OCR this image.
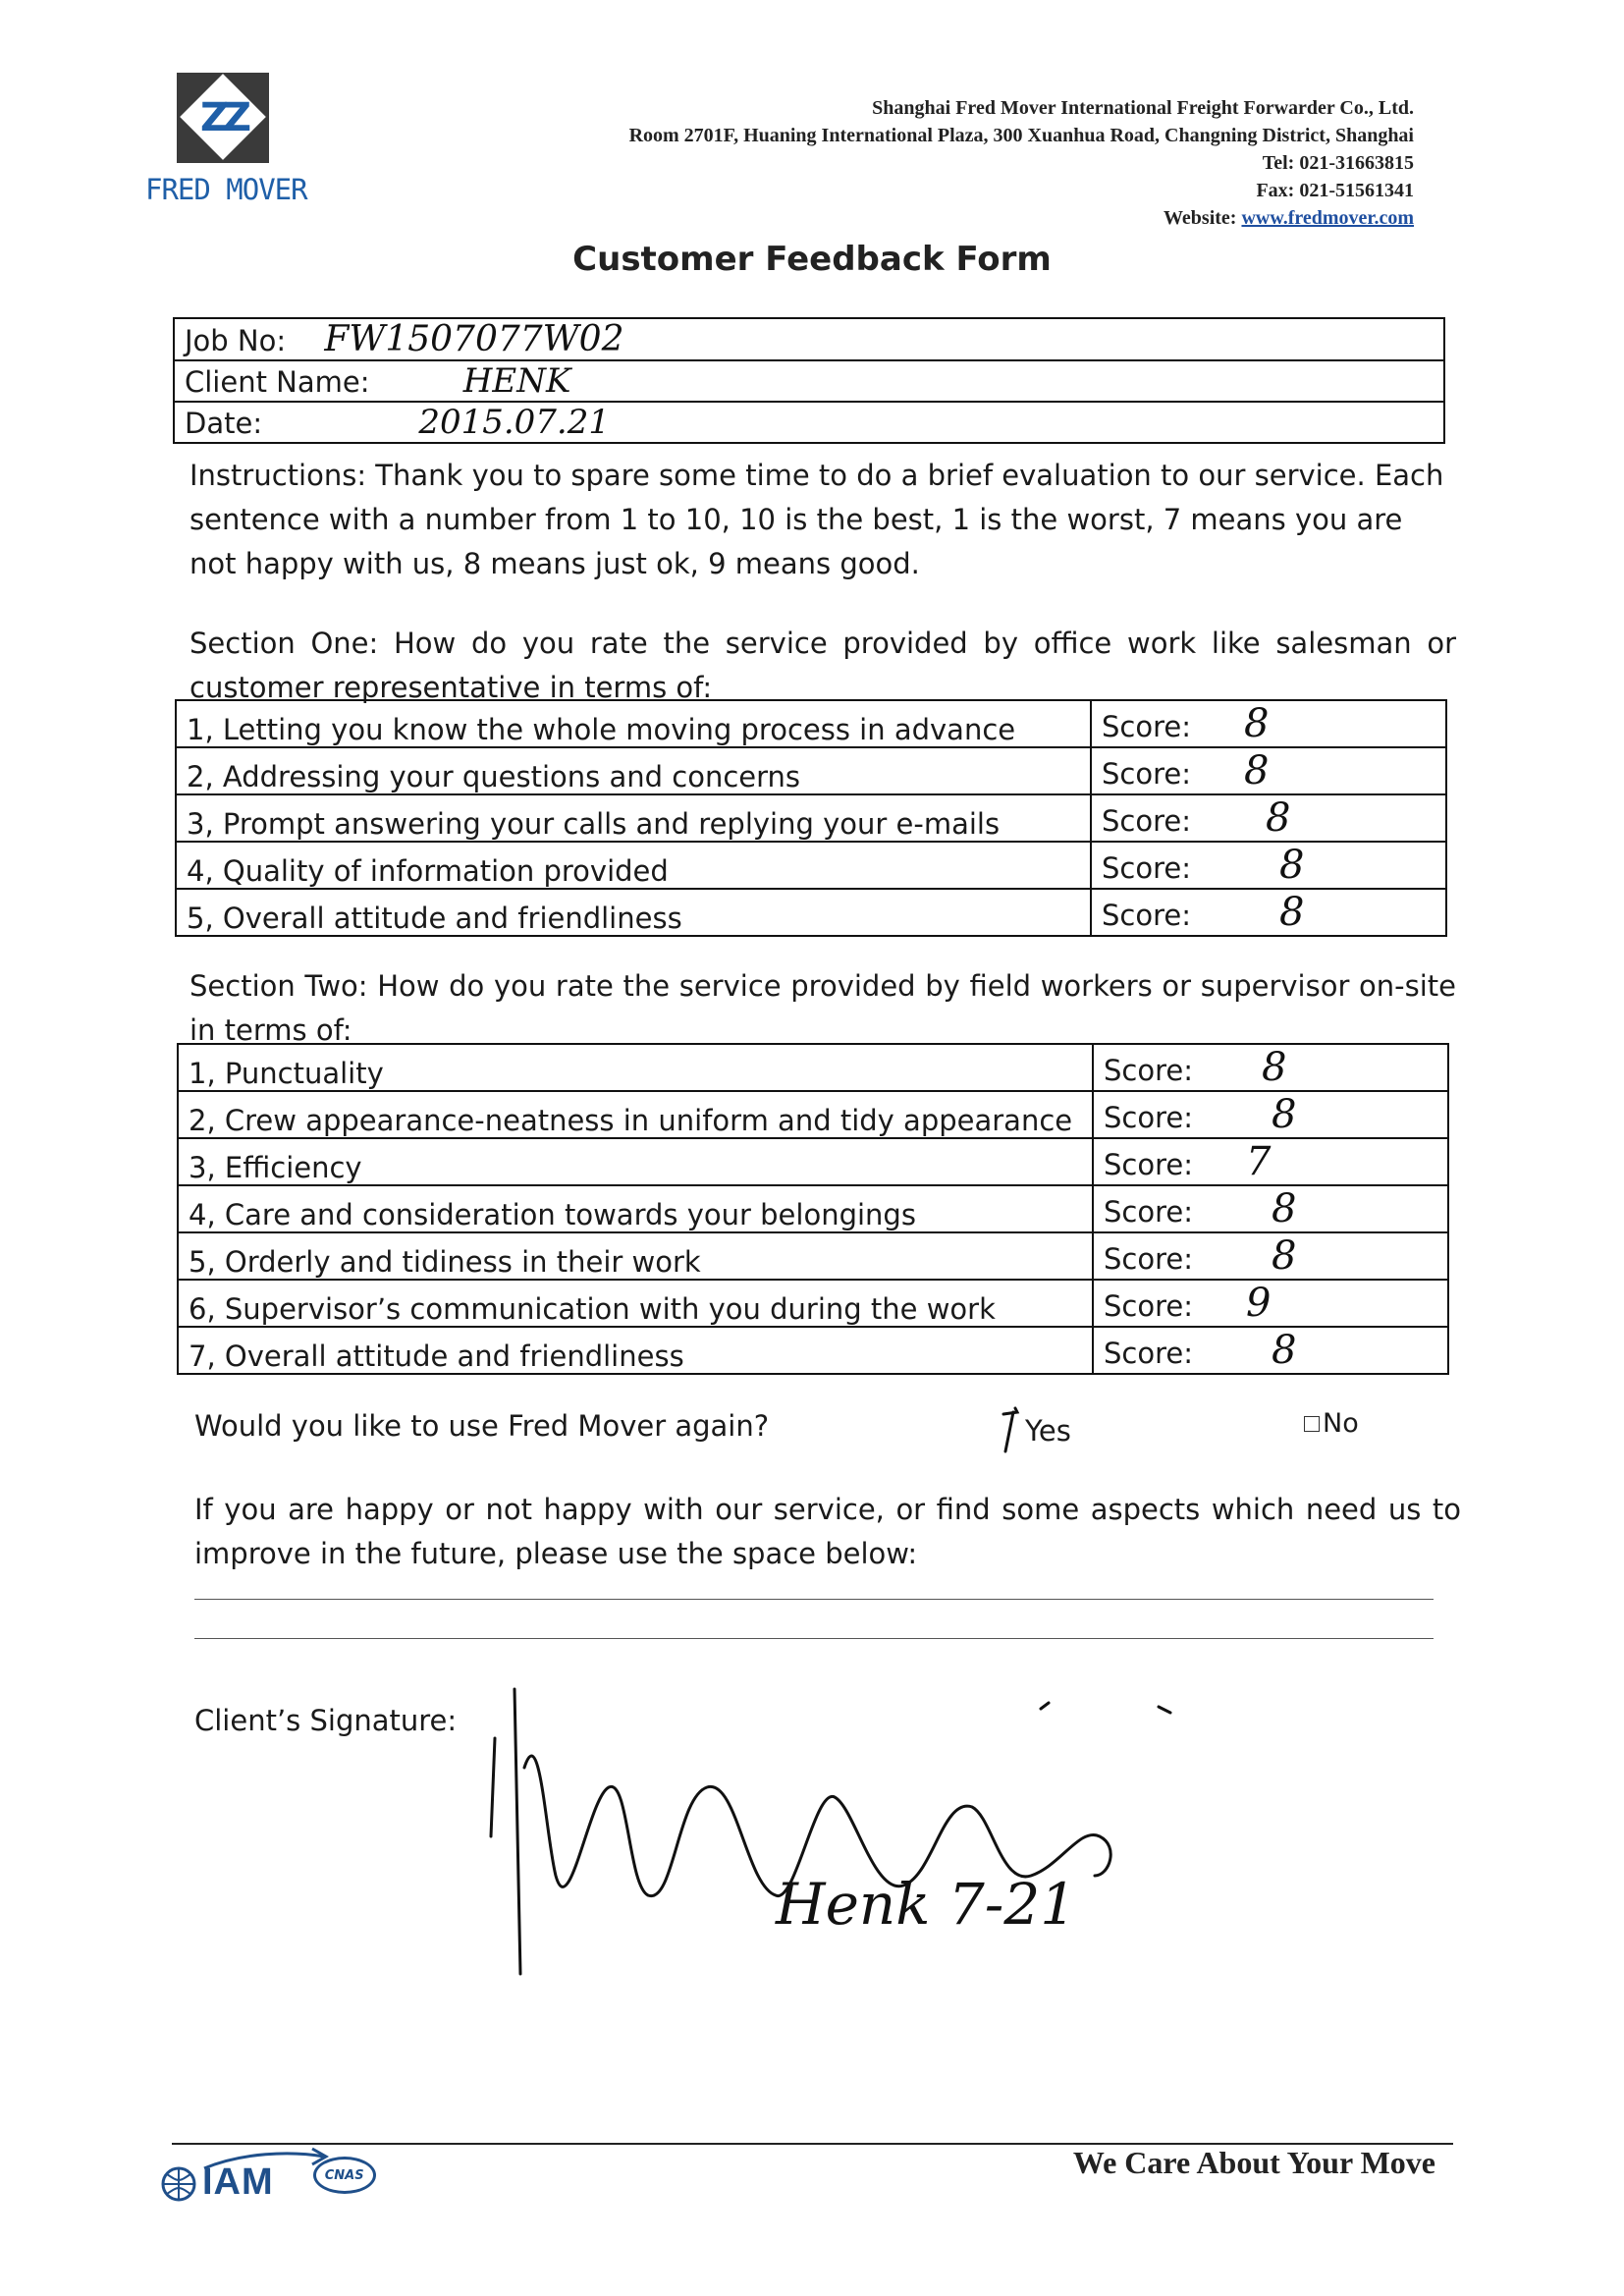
ZZ
FRED MOVER
Shanghai Fred Mover International Freight Forwarder Co., Ltd.
Room 2701F, Huaning International Plaza, 300 Xuanhua Road, Changning District, Shanghai
Tel: 021-31663815
Fax: 021-51561341
Website: www.fredmover.com
Customer Feedback Form
Job No: FW1507077W02
Client Name:	HENK
Date:	2015.07.21
Instructions: Thank you to spare some time to do a brief evaluation to our service. Each sentence with a number from 1 to 10, 10 is the best, 1 is the worst, 7 means you are not happy with us, 8 means just ok, 9 means good.
Section One: How do you rate the service provided by office work like salesman or customer representative in terms of:
1, Letting you know the whole moving process in advance	Score: 8
2, Addressing your questions and concerns	Score: 8
3, Prompt answering your calls and replying your e-mails	Score: 8
4, Quality of information provided	Score: 8
5, Overall attitude and friendliness	Score: 8
Section Two: How do you rate the service provided by field workers or supervisor on-site in terms of:
1, Punctuality	Score: 8
2, Crew appearance-neatness in uniform and tidy appearance	Score: 8
3, Efficiency	Score: 7
4, Care and consideration towards your belongings	Score: 8
5, Orderly and tidiness in their work	Score: 8
6, Supervisor’s communication with you during the work	Score: 9
7, Overall attitude and friendliness	Score: 8
Would you like to use Fred Mover again?	Yes	No
If you are happy or not happy with our service, or find some aspects which need us to improve in the future, please use the space below:
Client’s Signature:
Henk 7-21
IAM	CNAS	We Care About Your Move
